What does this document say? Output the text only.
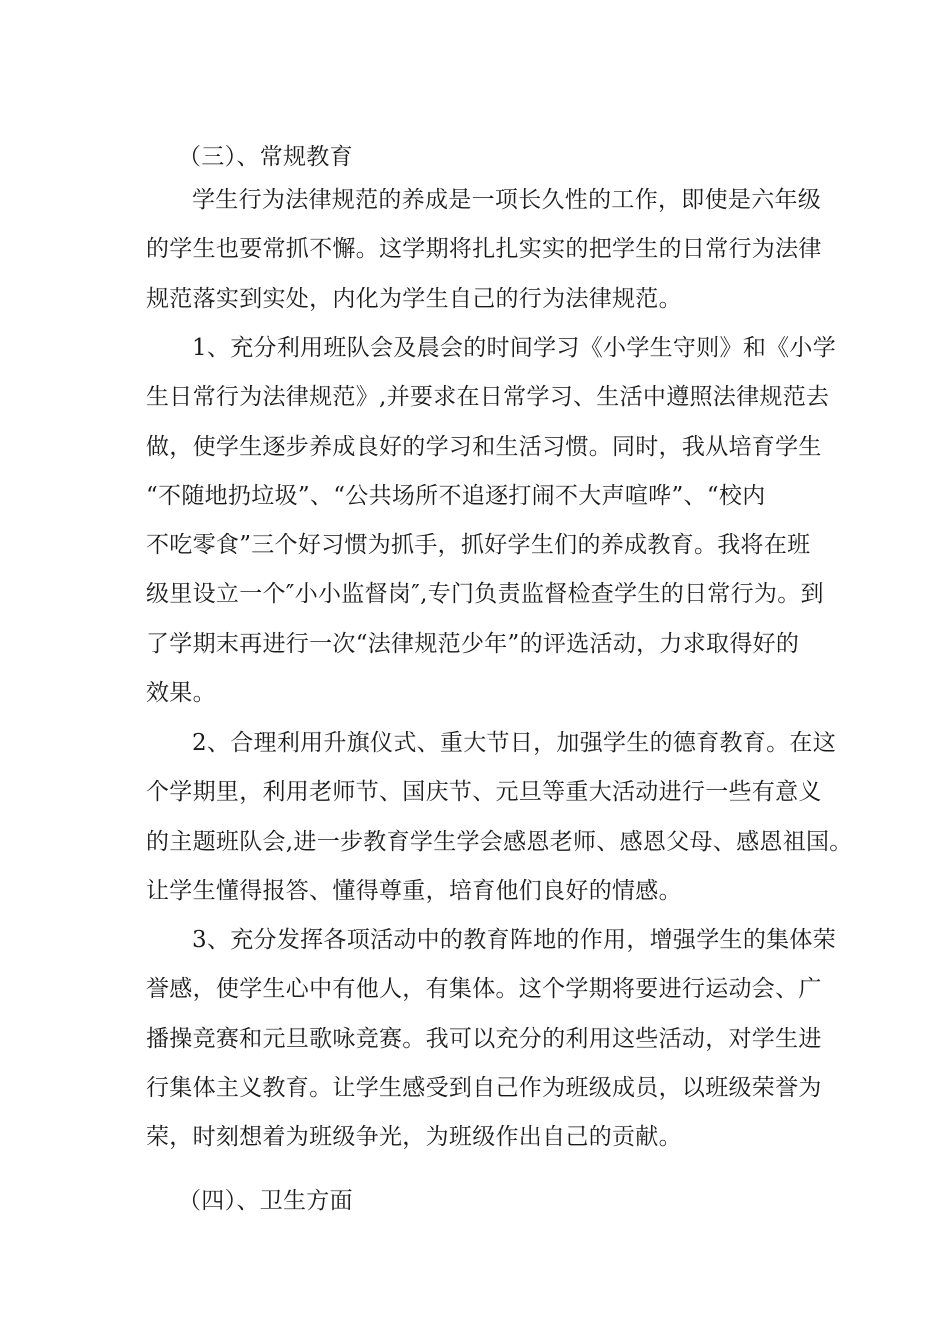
（三）、常规教育
学生行为法律规范的养成是一项长久性的工作，即使是六年级
的学生也要常抓不懈。这学期将扎扎实实的把学生的日常行为法律
规范落实到实处，内化为学生自己的行为法律规范。
1、充分利用班队会及晨会的时间学习《小学生守则》和《小学
生日常行为法律规范》,并要求在日常学习、生活中遵照法律规范去
做，使学生逐步养成良好的学习和生活习惯。同时，我从培育学生
“不随地扔垃圾”、“公共场所不追逐打闹不大声喧哗”、“校内
不吃零食”三个好习惯为抓手，抓好学生们的养成教育。我将在班
级里设立一个″小小监督岗″,专门负责监督检查学生的日常行为。到
了学期末再进行一次“法律规范少年”的评选活动，力求取得好的
效果。
2、合理利用升旗仪式、重大节日，加强学生的德育教育。在这
个学期里，利用老师节、国庆节、元旦等重大活动进行一些有意义
的主题班队会,进一步教育学生学会感恩老师、感恩父母、感恩祖国。
让学生懂得报答、懂得尊重，培育他们良好的情感。
3、充分发挥各项活动中的教育阵地的作用，增强学生的集体荣
誉感，使学生心中有他人，有集体。这个学期将要进行运动会、广
播操竞赛和元旦歌咏竞赛。我可以充分的利用这些活动，对学生进
行集体主义教育。让学生感受到自己作为班级成员，以班级荣誉为
荣，时刻想着为班级争光，为班级作出自己的贡献。
（四）、卫生方面
